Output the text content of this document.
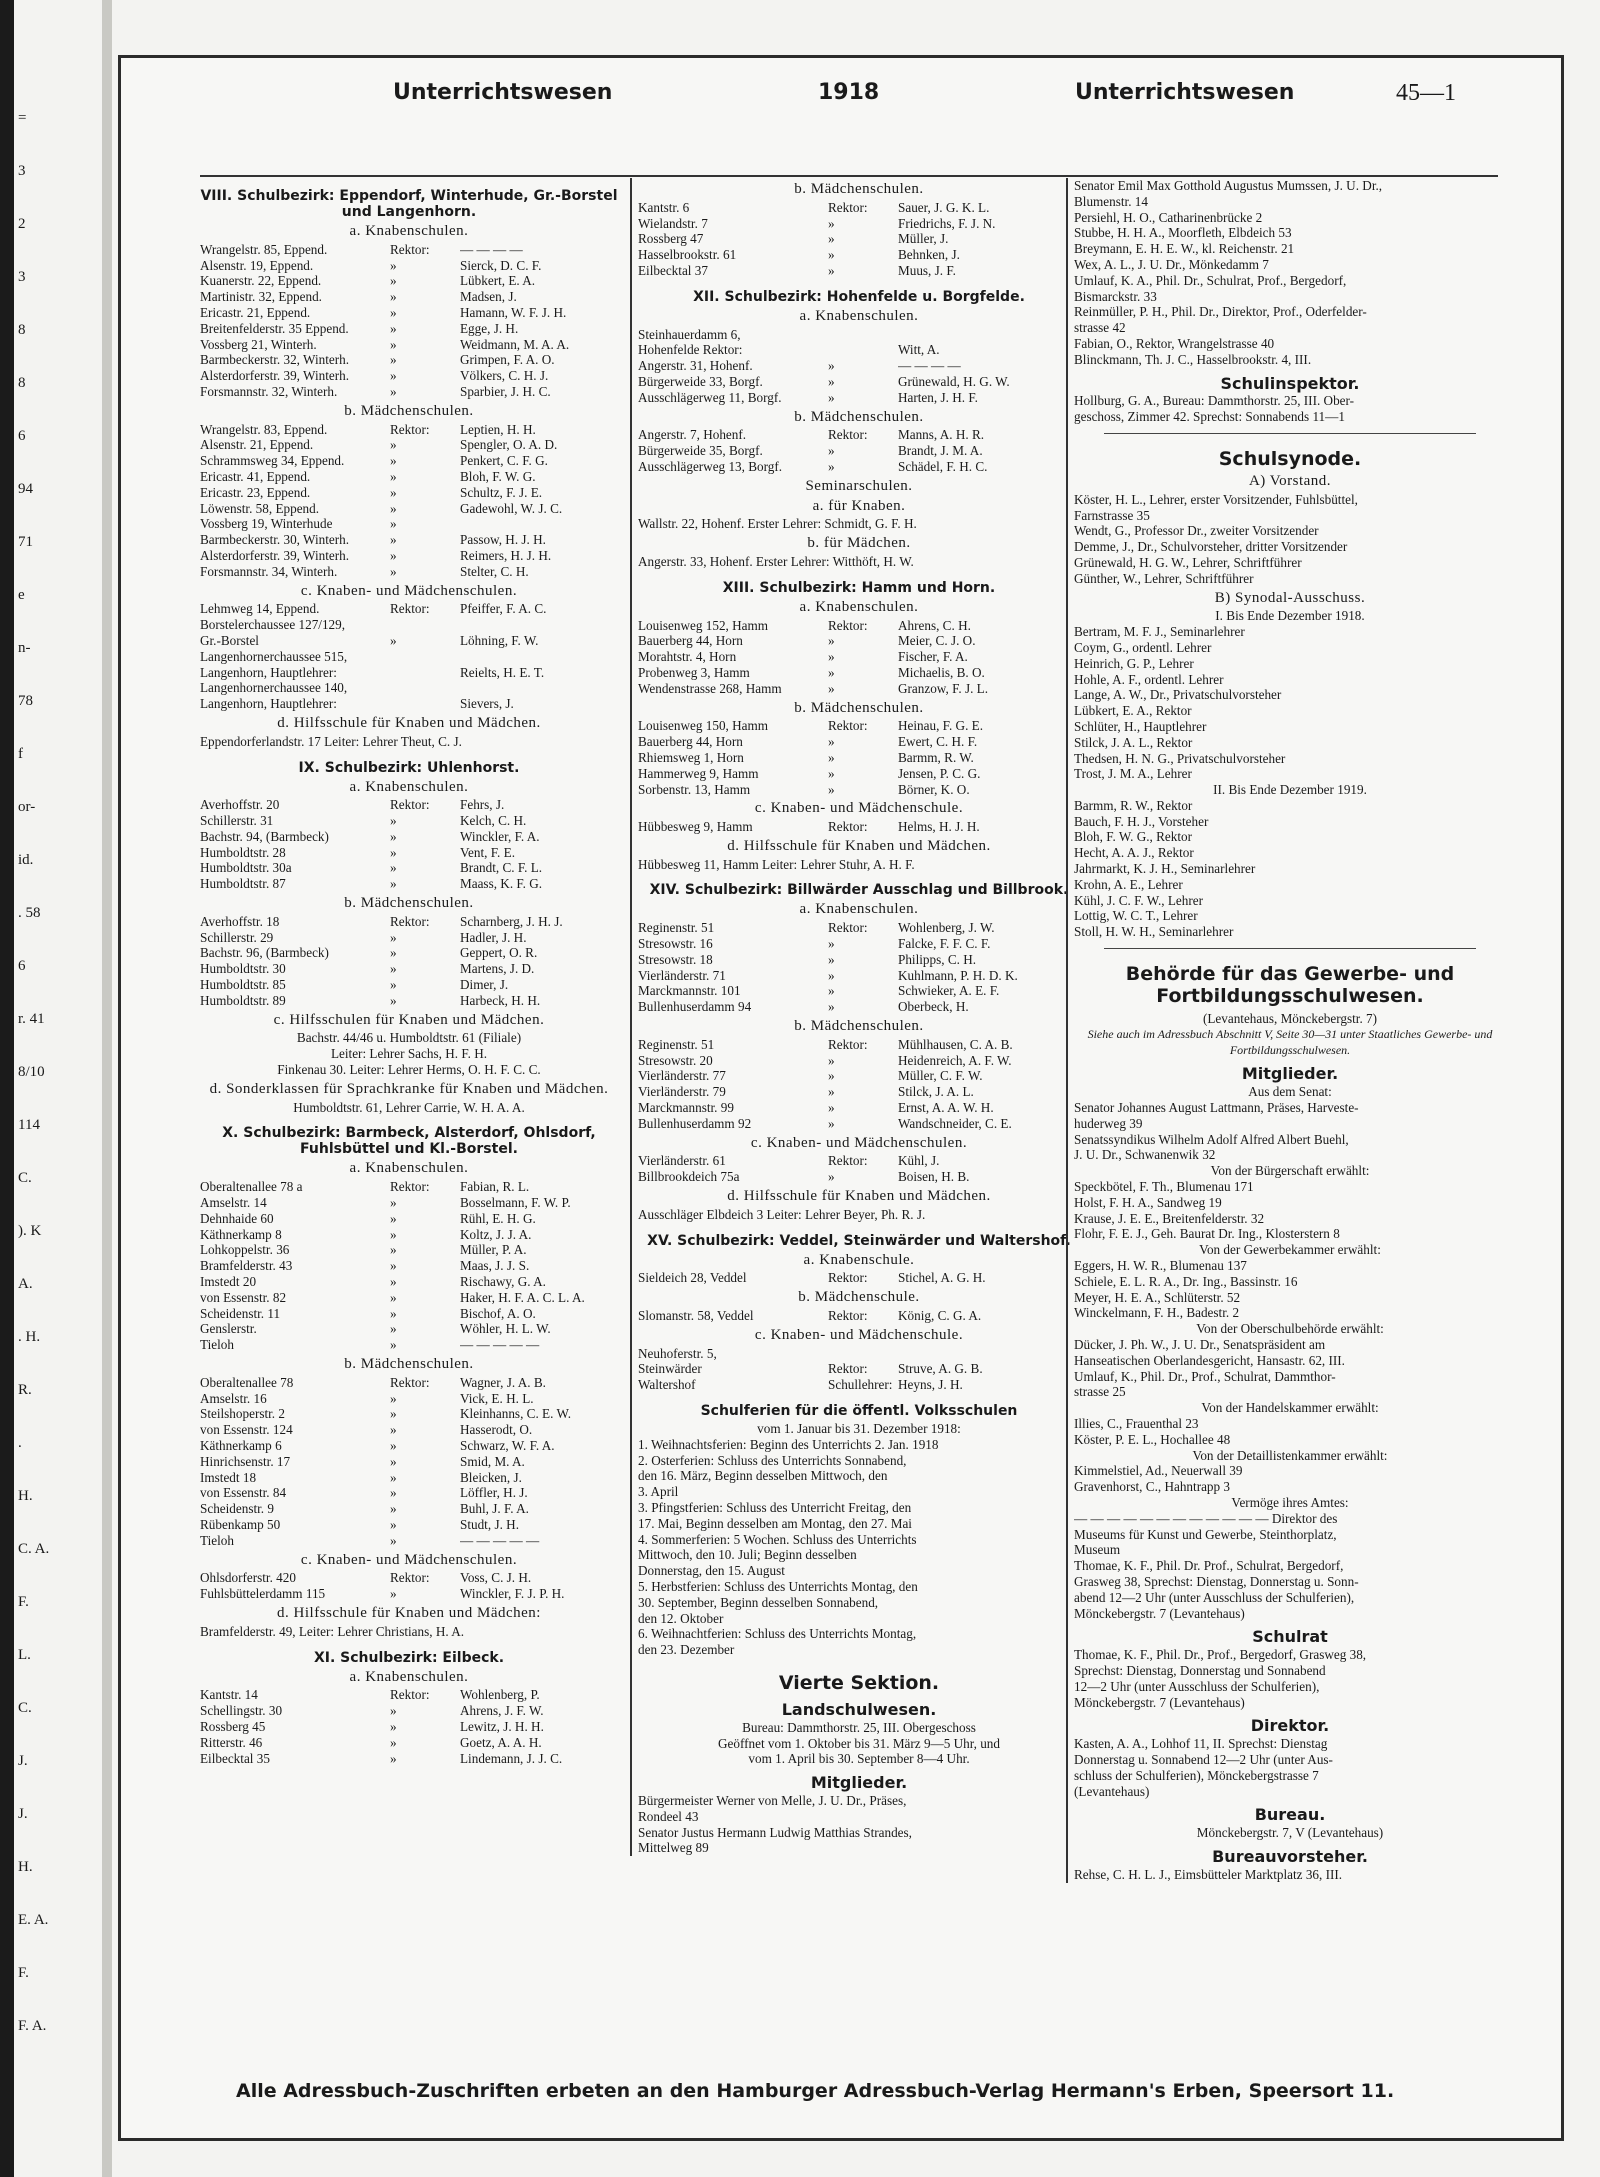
=
3
2
3
8
8
6
94
71
e
n-
78
f
or-
id.
. 58
6
r. 41
8/10
114
C.
). K
A.
. H.
R.
.
H.
C. A.
F.
L.
C.
J.
J.
H.
E. A.
F.
F. A.
Unterrichtswesen	1918	Unterrichtswesen	45—1
VIII. Schulbezirk: Eppendorf, Winterhude, Gr.-Borstel und Langenhorn.
a. Knabenschulen.
Wrangelstr. 85, Eppend.	Rektor:	— — — —
Alsenstr. 19, Eppend.	»	Sierck, D. C. F.
Kuanerstr. 22, Eppend.	»	Lübkert, E. A.
Martinistr. 32, Eppend.	»	Madsen, J.
Ericastr. 21, Eppend.	»	Hamann, W. F. J. H.
Breitenfelderstr. 35 Eppend.	»	Egge, J. H.
Vossberg 21, Winterh.	»	Weidmann, M. A. A.
Barmbeckerstr. 32, Winterh.	»	Grimpen, F. A. O.
Alsterdorferstr. 39, Winterh.	»	Völkers, C. H. J.
Forsmannstr. 32, Winterh.	»	Sparbier, J. H. C.
b. Mädchenschulen.
Wrangelstr. 83, Eppend.	Rektor:	Leptien, H. H.
Alsenstr. 21, Eppend.	»	Spengler, O. A. D.
Schrammsweg 34, Eppend.	»	Penkert, C. F. G.
Ericastr. 41, Eppend.	»	Bloh, F. W. G.
Ericastr. 23, Eppend.	»	Schultz, F. J. E.
Löwenstr. 58, Eppend.	»	Gadewohl, W. J. C.
Vossberg 19, Winterhude	»
Barmbeckerstr. 30, Winterh.	»	Passow, H. J. H.
Alsterdorferstr. 39, Winterh.	»	Reimers, H. J. H.
Forsmannstr. 34, Winterh.	»	Stelter, C. H.
c. Knaben- und Mädchenschulen.
Lehmweg 14, Eppend.	Rektor:	Pfeiffer, F. A. C.
Borstelerchaussee 127/129,
Gr.-Borstel	»	Löhning, F. W.
Langenhornerchaussee 515,
Langenhorn, Hauptlehrer:	Reielts, H. E. T.
Langenhornerchaussee 140,
Langenhorn, Hauptlehrer:	Sievers, J.
d. Hilfsschule für Knaben und Mädchen.
Eppendorferlandstr. 17 Leiter: Lehrer Theut, C. J.
IX. Schulbezirk: Uhlenhorst.
a. Knabenschulen.
Averhoffstr. 20	Rektor:	Fehrs, J.
Schillerstr. 31	»	Kelch, C. H.
Bachstr. 94, (Barmbeck)	»	Winckler, F. A.
Humboldtstr. 28	»	Vent, F. E.
Humboldtstr. 30a	»	Brandt, C. F. L.
Humboldtstr. 87	»	Maass, K. F. G.
b. Mädchenschulen.
Averhoffstr. 18	Rektor:	Scharnberg, J. H. J.
Schillerstr. 29	»	Hadler, J. H.
Bachstr. 96, (Barmbeck)	»	Geppert, O. R.
Humboldtstr. 30	»	Martens, J. D.
Humboldtstr. 85	»	Dimer, J.
Humboldtstr. 89	»	Harbeck, H. H.
c. Hilfsschulen für Knaben und Mädchen.
Bachstr. 44/46 u. Humboldtstr. 61 (Filiale)
Leiter: Lehrer Sachs, H. F. H.
Finkenau 30. Leiter: Lehrer Herms, O. H. F. C. C.
d. Sonderklassen für Sprachkranke für Knaben und Mädchen.
Humboldtstr. 61, Lehrer Carrie, W. H. A. A.
X. Schulbezirk: Barmbeck, Alsterdorf, Ohlsdorf, Fuhlsbüttel und Kl.-Borstel.
a. Knabenschulen.
Oberaltenallee 78 a	Rektor:	Fabian, R. L.
Amselstr. 14	»	Bosselmann, F. W. P.
Dehnhaide 60	»	Rühl, E. H. G.
Käthnerkamp 8	»	Koltz, J. J. A.
Lohkoppelstr. 36	»	Müller, P. A.
Bramfelderstr. 43	»	Maas, J. J. S.
Imstedt 20	»	Rischawy, G. A.
von Essenstr. 82	»	Haker, H. F. A. C. L. A.
Scheidenstr. 11	»	Bischof, A. O.
Genslerstr.	»	Wöhler, H. L. W.
Tieloh	»	— — — — —
b. Mädchenschulen.
Oberaltenallee 78	Rektor:	Wagner, J. A. B.
Amselstr. 16	»	Vick, E. H. L.
Steilshoperstr. 2	»	Kleinhanns, C. E. W.
von Essenstr. 124	»	Hasserodt, O.
Käthnerkamp 6	»	Schwarz, W. F. A.
Hinrichsenstr. 17	»	Smid, M. A.
Imstedt 18	»	Bleicken, J.
von Essenstr. 84	»	Löffler, H. J.
Scheidenstr. 9	»	Buhl, J. F. A.
Rübenkamp 50	»	Studt, J. H.
Tieloh	»	— — — — —
c. Knaben- und Mädchenschulen.
Ohlsdorferstr. 420	Rektor:	Voss, C. J. H.
Fuhlsbüttelerdamm 115	»	Winckler, F. J. P. H.
d. Hilfsschule für Knaben und Mädchen:
Bramfelderstr. 49, Leiter: Lehrer Christians, H. A.
XI. Schulbezirk: Eilbeck.
a. Knabenschulen.
Kantstr. 14	Rektor:	Wohlenberg, P.
Schellingstr. 30	»	Ahrens, J. F. W.
Rossberg 45	»	Lewitz, J. H. H.
Ritterstr. 46	»	Goetz, A. A. H.
Eilbecktal 35	»	Lindemann, J. J. C.
b. Mädchenschulen.
Kantstr. 6	Rektor:	Sauer, J. G. K. L.
Wielandstr. 7	»	Friedrichs, F. J. N.
Rossberg 47	»	Müller, J.
Hasselbrookstr. 61	»	Behnken, J.
Eilbecktal 37	»	Muus, J. F.
XII. Schulbezirk: Hohenfelde u. Borgfelde.
a. Knabenschulen.
Steinhauerdamm 6,
Hohenfelde Rektor:	Witt, A.
Angerstr. 31, Hohenf.	»	— — — —
Bürgerweide 33, Borgf.	»	Grünewald, H. G. W.
Ausschlägerweg 11, Borgf.	»	Harten, J. H. F.
b. Mädchenschulen.
Angerstr. 7, Hohenf.	Rektor:	Manns, A. H. R.
Bürgerweide 35, Borgf.	»	Brandt, J. M. A.
Ausschlägerweg 13, Borgf.	»	Schädel, F. H. C.
Seminarschulen.
a. für Knaben.
Wallstr. 22, Hohenf. Erster Lehrer: Schmidt, G. F. H.
b. für Mädchen.
Angerstr. 33, Hohenf. Erster Lehrer: Witthöft, H. W.
XIII. Schulbezirk: Hamm und Horn.
a. Knabenschulen.
Louisenweg 152, Hamm	Rektor:	Ahrens, C. H.
Bauerberg 44, Horn	»	Meier, C. J. O.
Morahtstr. 4, Horn	»	Fischer, F. A.
Probenweg 3, Hamm	»	Michaelis, B. O.
Wendenstrasse 268, Hamm	»	Granzow, F. J. L.
b. Mädchenschulen.
Louisenweg 150, Hamm	Rektor:	Heinau, F. G. E.
Bauerberg 44, Horn	»	Ewert, C. H. F.
Rhiemsweg 1, Horn	»	Barmm, R. W.
Hammerweg 9, Hamm	»	Jensen, P. C. G.
Sorbenstr. 13, Hamm	»	Börner, K. O.
c. Knaben- und Mädchenschule.
Hübbesweg 9, Hamm	Rektor:	Helms, H. J. H.
d. Hilfsschule für Knaben und Mädchen.
Hübbesweg 11, Hamm Leiter: Lehrer Stuhr, A. H. F.
XIV. Schulbezirk: Billwärder Ausschlag und Billbrook.
a. Knabenschulen.
Reginenstr. 51	Rektor:	Wohlenberg, J. W.
Stresowstr. 16	»	Falcke, F. F. C. F.
Stresowstr. 18	»	Philipps, C. H.
Vierländerstr. 71	»	Kuhlmann, P. H. D. K.
Marckmannstr. 101	»	Schwieker, A. E. F.
Bullenhuserdamm 94	»	Oberbeck, H.
b. Mädchenschulen.
Reginenstr. 51	Rektor:	Mühlhausen, C. A. B.
Stresowstr. 20	»	Heidenreich, A. F. W.
Vierländerstr. 77	»	Müller, C. F. W.
Vierländerstr. 79	»	Stilck, J. A. L.
Marckmannstr. 99	»	Ernst, A. A. W. H.
Bullenhuserdamm 92	»	Wandschneider, C. E.
c. Knaben- und Mädchenschulen.
Vierländerstr. 61	Rektor:	Kühl, J.
Billbrookdeich 75a	»	Boisen, H. B.
d. Hilfsschule für Knaben und Mädchen.
Ausschläger Elbdeich 3 Leiter: Lehrer Beyer, Ph. R. J.
XV. Schulbezirk: Veddel, Steinwärder und Waltershof.
a. Knabenschule.
Sieldeich 28, Veddel	Rektor:	Stichel, A. G. H.
b. Mädchenschule.
Slomanstr. 58, Veddel	Rektor:	König, C. G. A.
c. Knaben- und Mädchenschule.
Neuhoferstr. 5,
Steinwärder	Rektor:	Struve, A. G. B.
Waltershof	Schullehrer: Heyns, J. H.
Schulferien für die öffentl. Volksschulen
vom 1. Januar bis 31. Dezember 1918:
1. Weihnachtsferien: Beginn des Unterrichts 2. Jan. 1918
2. Osterferien: Schluss des Unterrichts Sonnabend,
den 16. März, Beginn desselben Mittwoch, den
3. April
3. Pfingstferien: Schluss des Unterricht Freitag, den
17. Mai, Beginn desselben am Montag, den 27. Mai
4. Sommerferien: 5 Wochen. Schluss des Unterrichts
Mittwoch, den 10. Juli; Beginn desselben
Donnerstag, den 15. August
5. Herbstferien: Schluss des Unterrichts Montag, den
30. September, Beginn desselben Sonnabend,
den 12. Oktober
6. Weihnachtferien: Schluss des Unterrichts Montag,
den 23. Dezember
Vierte Sektion.
Landschulwesen.
Bureau: Dammthorstr. 25, III. Obergeschoss
Geöffnet vom 1. Oktober bis 31. März 9—5 Uhr, und
vom 1. April bis 30. September 8—4 Uhr.
Mitglieder.
Bürgermeister Werner von Melle, J. U. Dr., Präses,
Rondeel 43
Senator Justus Hermann Ludwig Matthias Strandes,
Mittelweg 89
Senator Emil Max Gotthold Augustus Mumssen, J. U. Dr.,
Blumenstr. 14
Persiehl, H. O., Catharinenbrücke 2
Stubbe, H. H. A., Moorfleth, Elbdeich 53
Breymann, E. H. E. W., kl. Reichenstr. 21
Wex, A. L., J. U. Dr., Mönkedamm 7
Umlauf, K. A., Phil. Dr., Schulrat, Prof., Bergedorf,
Bismarckstr. 33
Reinmüller, P. H., Phil. Dr., Direktor, Prof., Oderfelder-
strasse 42
Fabian, O., Rektor, Wrangelstrasse 40
Blinckmann, Th. J. C., Hasselbrookstr. 4, III.
Schulinspektor.
Hollburg, G. A., Bureau: Dammthorstr. 25, III. Ober-
geschoss, Zimmer 42. Sprechst: Sonnabends 11—1
Schulsynode.
A) Vorstand.
Köster, H. L., Lehrer, erster Vorsitzender, Fuhlsbüttel,
Farnstrasse 35
Wendt, G., Professor Dr., zweiter Vorsitzender
Demme, J., Dr., Schulvorsteher, dritter Vorsitzender
Grünewald, H. G. W., Lehrer, Schriftführer
Günther, W., Lehrer, Schriftführer
B) Synodal-Ausschuss.
I. Bis Ende Dezember 1918.
Bertram, M. F. J., Seminarlehrer
Coym, G., ordentl. Lehrer
Heinrich, G. P., Lehrer
Hohle, A. F., ordentl. Lehrer
Lange, A. W., Dr., Privatschulvorsteher
Lübkert, E. A., Rektor
Schlüter, H., Hauptlehrer
Stilck, J. A. L., Rektor
Thedsen, H. N. G., Privatschulvorsteher
Trost, J. M. A., Lehrer
II. Bis Ende Dezember 1919.
Barmm, R. W., Rektor
Bauch, F. H. J., Vorsteher
Bloh, F. W. G., Rektor
Hecht, A. A. J., Rektor
Jahrmarkt, K. J. H., Seminarlehrer
Krohn, A. E., Lehrer
Kühl, J. C. F. W., Lehrer
Lottig, W. C. T., Lehrer
Stoll, H. W. H., Seminarlehrer
Behörde für das Gewerbe- und Fortbildungsschulwesen.
(Levantehaus, Mönckebergstr. 7)
Siehe auch im Adressbuch Abschnitt V, Seite 30—31 unter Staatliches Gewerbe- und Fortbildungsschulwesen.
Mitglieder.
Aus dem Senat:
Senator Johannes August Lattmann, Präses, Harveste-
huderweg 39
Senatssyndikus Wilhelm Adolf Alfred Albert Buehl,
J. U. Dr., Schwanenwik 32
Von der Bürgerschaft erwählt:
Speckbötel, F. Th., Blumenau 171
Holst, F. H. A., Sandweg 19
Krause, J. E. E., Breitenfelderstr. 32
Flohr, F. E. J., Geh. Baurat Dr. Ing., Klosterstern 8
Von der Gewerbekammer erwählt:
Eggers, H. W. R., Blumenau 137
Schiele, E. L. R. A., Dr. Ing., Bassinstr. 16
Meyer, H. E. A., Schlüterstr. 52
Winckelmann, F. H., Badestr. 2
Von der Oberschulbehörde erwählt:
Dücker, J. Ph. W., J. U. Dr., Senatspräsident am
Hanseatischen Oberlandesgericht, Hansastr. 62, III.
Umlauf, K., Phil. Dr., Prof., Schulrat, Dammthor-
strasse 25
Von der Handelskammer erwählt:
Illies, C., Frauenthal 23
Köster, P. E. L., Hochallee 48
Von der Detaillistenkammer erwählt:
Kimmelstiel, Ad., Neuerwall 39
Gravenhorst, C., Hahntrapp 3
Vermöge ihres Amtes:
— — — — — — — — — — — — Direktor des
Museums für Kunst und Gewerbe, Steinthorplatz,
Museum
Thomae, K. F., Phil. Dr. Prof., Schulrat, Bergedorf,
Grasweg 38, Sprechst: Dienstag, Donnerstag u. Sonn-
abend 12—2 Uhr (unter Ausschluss der Schulferien),
Mönckebergstr. 7 (Levantehaus)
Schulrat
Thomae, K. F., Phil. Dr., Prof., Bergedorf, Grasweg 38,
Sprechst: Dienstag, Donnerstag und Sonnabend
12—2 Uhr (unter Ausschluss der Schulferien),
Mönckebergstr. 7 (Levantehaus)
Direktor.
Kasten, A. A., Lohhof 11, II. Sprechst: Dienstag
Donnerstag u. Sonnabend 12—2 Uhr (unter Aus-
schluss der Schulferien), Mönckebergstrasse 7
(Levantehaus)
Bureau.
Mönckebergstr. 7, V (Levantehaus)
Bureauvorsteher.
Rehse, C. H. L. J., Eimsbütteler Marktplatz 36, III.
Alle Adressbuch-Zuschriften erbeten an den Hamburger Adressbuch-Verlag Hermann's Erben, Speersort 11.
